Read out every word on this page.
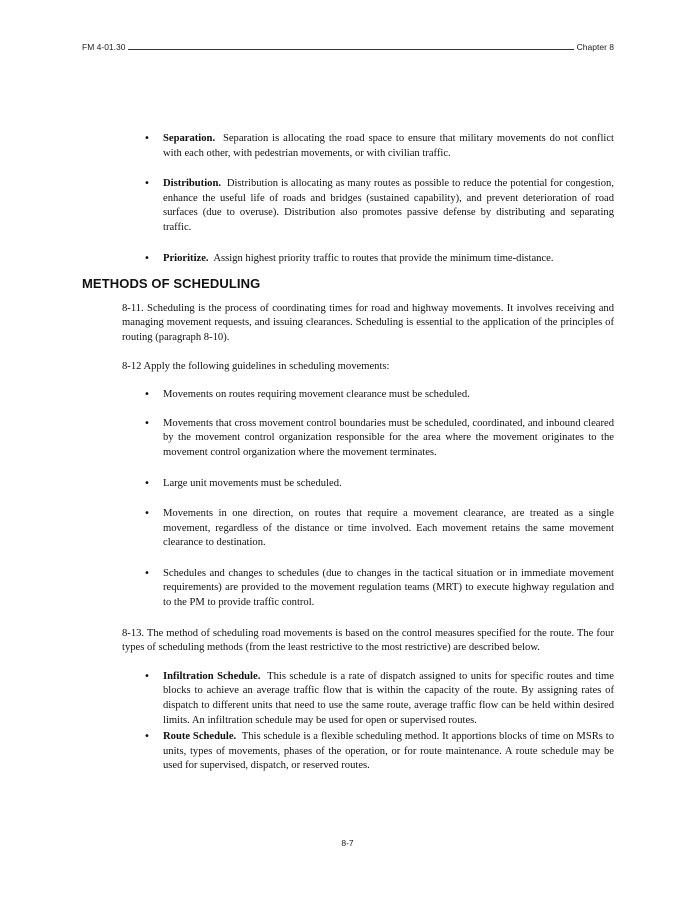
FM 4-01.30	Chapter 8
• Separation. Separation is allocating the road space to ensure that military movements do not conflict with each other, with pedestrian movements, or with civilian traffic.
• Distribution. Distribution is allocating as many routes as possible to reduce the potential for congestion, enhance the useful life of roads and bridges (sustained capability), and prevent deterioration of road surfaces (due to overuse). Distribution also promotes passive defense by distributing and separating traffic.
• Prioritize. Assign highest priority traffic to routes that provide the minimum time-distance.
METHODS OF SCHEDULING

8-11. Scheduling is the process of coordinating times for road and highway movements. It involves receiving and managing movement requests, and issuing clearances. Scheduling is essential to the application of the principles of routing (paragraph 8-10).

8-12 Apply the following guidelines in scheduling movements:

• Movements on routes requiring movement clearance must be scheduled.
• Movements that cross movement control boundaries must be scheduled, coordinated, and inbound cleared by the movement control organization responsible for the area where the movement originates to the movement control organization where the movement terminates.
• Large unit movements must be scheduled.
• Movements in one direction, on routes that require a movement clearance, are treated as a single movement, regardless of the distance or time involved. Each movement retains the same movement clearance to destination.
• Schedules and changes to schedules (due to changes in the tactical situation or in immediate movement requirements) are provided to the movement regulation teams (MRT) to execute highway regulation and to the PM to provide traffic control.

8-13. The method of scheduling road movements is based on the control measures specified for the route. The four types of scheduling methods (from the least restrictive to the most restrictive) are described below.

• Infiltration Schedule. This schedule is a rate of dispatch assigned to units for specific routes and time blocks to achieve an average traffic flow that is within the capacity of the route. By assigning rates of dispatch to different units that need to use the same route, average traffic flow can be held within desired limits. An infiltration schedule may be used for open or supervised routes.
• Route Schedule. This schedule is a flexible scheduling method. It apportions blocks of time on MSRs to units, types of movements, phases of the operation, or for route maintenance. A route schedule may be used for supervised, dispatch, or reserved routes.
8-7
